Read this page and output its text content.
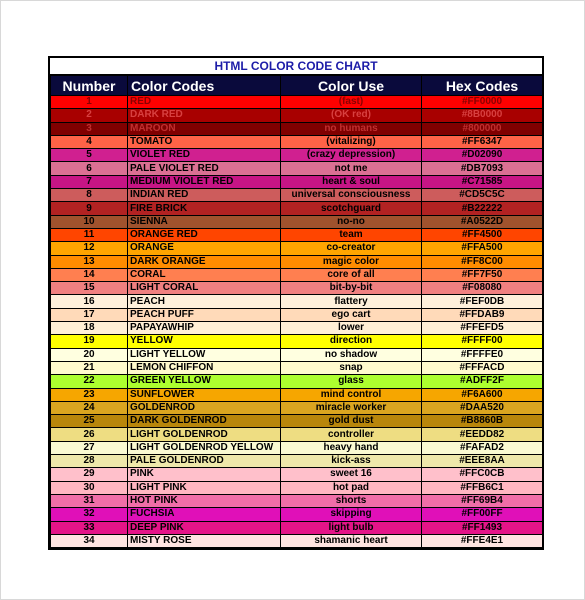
HTML COLOR CODE CHART
Number	Color Codes	Color Use	Hex Codes
1	RED	(fast)	#FF0000
2	DARK RED	(OK red)	#8B0000
3	MAROON	no humans	#800000
4	TOMATO	(vitalizing)	#FF6347
5	VIOLET RED	(crazy depression)	#D02090
6	PALE VIOLET RED	not me	#DB7093
7	MEDIUM VIOLET RED	heart & soul	#C71585
8	INDIAN RED	universal consciousness	#CD5C5C
9	FIRE BRICK	scotchguard	#B22222
10	SIENNA	no-no	#A0522D
11	ORANGE RED	team	#FF4500
12	ORANGE	co-creator	#FFA500
13	DARK ORANGE	magic color	#FF8C00
14	CORAL	core of all	#FF7F50
15	LIGHT CORAL	bit-by-bit	#F08080
16	PEACH	flattery	#FEF0DB
17	PEACH PUFF	ego cart	#FFDAB9
18	PAPAYAWHIP	lower	#FFEFD5
19	YELLOW	direction	#FFFF00
20	LIGHT YELLOW	no shadow	#FFFFE0
21	LEMON CHIFFON	snap	#FFFACD
22	GREEN YELLOW	glass	#ADFF2F
23	SUNFLOWER	mind control	#F6A600
24	GOLDENROD	miracle worker	#DAA520
25	DARK GOLDENROD	gold dust	#B8860B
26	LIGHT GOLDENROD	controller	#EEDD82
27	LIGHT GOLDENROD YELLOW	heavy hand	#FAFAD2
28	PALE GOLDENROD	kick-ass	#EEE8AA
29	PINK	sweet 16	#FFC0CB
30	LIGHT PINK	hot pad	#FFB6C1
31	HOT PINK	shorts	#FF69B4
32	FUCHSIA	skipping	#FF00FF
33	DEEP PINK	light bulb	#FF1493
34	MISTY ROSE	shamanic heart	#FFE4E1
